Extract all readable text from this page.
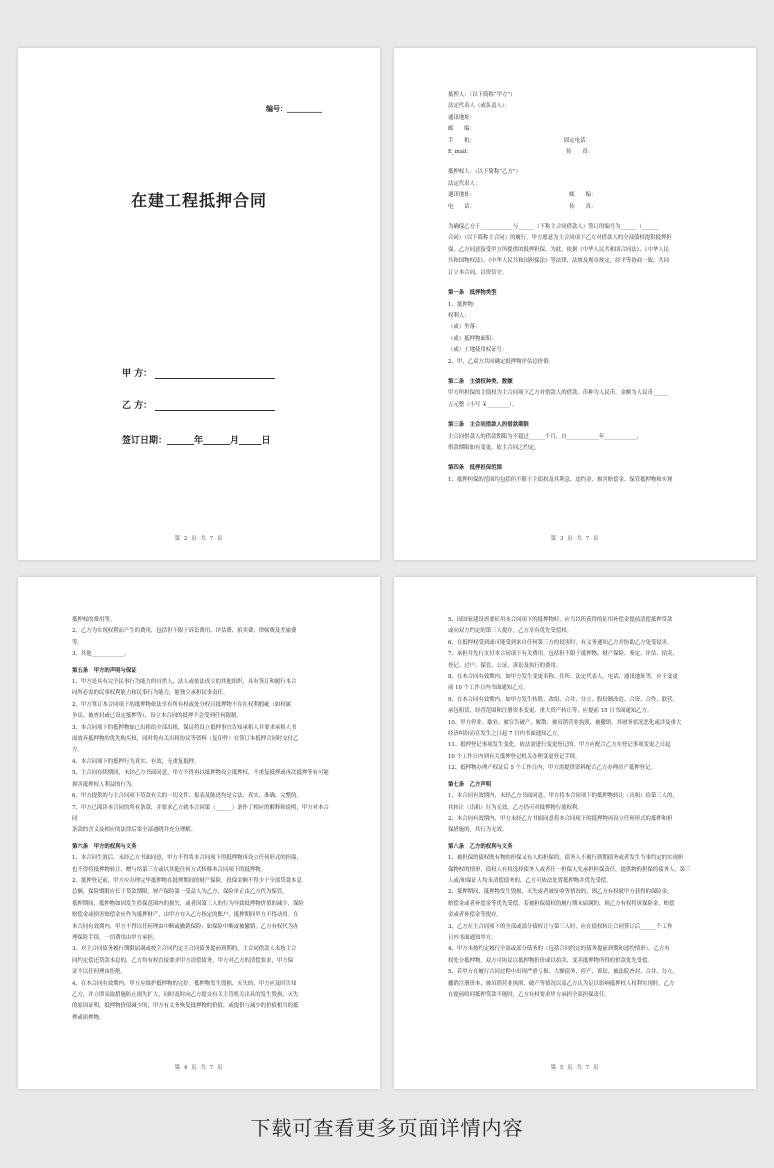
编号：__________
在建工程抵押合同
甲 方：
乙 方：
签订日期：______年______月_____日
第 2 页 共 7 页

抵押人：（以下简称“甲方”）

法定代表人（或负责人）：

通讯地址：

邮　　编：

手　　机：　　　　　　　　　　　　　　　　　固定电话：

E_mail：　　　　　　　　　　　　　　　　　　传　　真：

抵押权人：（以下简称“乙方”）

法定代表人：

通讯地址：　　　　　　　　　　　　　　　　　　邮　　编：

电　　话：　　　　　　　　　　　　　　　　　　传　　真：

为确保乙方于____________与______（下称主合同借款人）签订的编号为______（______

合同）（以下简称主合同）的履行，甲方愿意为主合同项下乙方对借款人的全部债权提供抵押担

保，乙方同意接受甲方所提供的抵押担保。为此，依据《中华人民共和国合同法》、《中华人民

共和国物权法》、《中华人民共和国担保法》等法律、法规及规章规定，经平等协商一致，共同

订立本合同，以资信守。

第一条　抵押物类型

1、抵押物：

权利人：

（或）坐落：

（或）抵押物面积：

（或）土地使用权证号：

2、甲、乙双方共同确定抵押物评估总价值：

第二条　主债权种类、数额

甲方所担保的主债权为主合同项下乙方对借款人的借款，币种为人民币，金额为人民币______

万元整（小写 ￥________）。

第三条　主合同借款人的借款期限

主合同借款人的借款期限为不超过______个月，自____________年____________，

借款期限如有变更，依主合同之约定。

第四条　抵押担保范围

1、抵押担保的范围均包括但不限于主债权及其利息、违约金、损害赔偿金、保管抵押物和实现

第 3 页 共 7 页

抵押权的费用等。

2、乙方为实现权利而产生的费用，包括但不限于诉讼费用、评估费、拍卖费、律师费及差旅费

等。

3、其他____________。

第五条　甲方的声明与保证

1、甲方是具有完全民事行为能力的自然人、法人或依法成立的其他组织，具有签订和履行本合

同所必需的民事权利能力和民事行为能力，能独立承担民事责任。

2、甲方签订本合同项下的抵押物依法享有所有权或处分权且抵押物不存在权利瑕疵（如权属

争议、被查封或已设定抵押等），设立本合同的抵押不会受到任何限制。

3、本合同项下的抵押物如已出租给全部出租，保证将设立抵押事宜告知承租人并要求承租人书

面放弃抵押物的优先购买权，同时将有关出租协议等资料（复印件）在签订本抵押合同时交付乙

方。

4、本合同项下的抵押行为真实、有效，无重复抵押。

5、主合同存续期间，未经乙方书面同意，甲方不得再以抵押物设立抵押权，不重复抵押或再次抵押等有可能

损害抵押权人利益的行为。

6、甲方提供的与主合同项下贷款有关的一切文件、报表及陈述均是合法、真实、准确、完整的。

7、甲方已阅读本合同的所有条款，并要求乙方就本合同第（______）条作了相应的解释和说明，甲方对本合同

条款的含义及相应的法律后果全部通晓并充分理解。

第六条　甲方的权利与义务

1、本合同生效后，未经乙方书面同意，甲方不得将本合同项下的抵押物再设立任何形式的担保，

也不得将抵押物转让、赠与给第三方或以其他任何方式转移本合同项下的抵押物。

2、抵押登记前，甲方应办理完毕抵押物在抵押期间的财产保险，投保金额不得少于全部贷款本息

总额，保险期限应长于贷款期限，财产保险第一受益人为乙方，保险单正由乙方代为保管。

抵押期间，抵押物如因发生投保范围内的损失，或者因第三人的行为导致抵押物价值的减少，保险

赔偿金或损害赔偿金应作为抵押财产，由甲方存入乙方指定的账户，抵押期间甲方不得动用。在

本合同有效期内，甲方不得以任何理由中断或撤销保险；如保险中断或被撤销，乙方有权代为办

理保险手续，一切费用由甲方承担。

3、对主合同债务履行期限届满或按主合同约定主合同债务提前到期的，主合同借款人未按主合

同约定偿还贷款本息的，乙方均有权直接要求甲方清偿债务，甲方对乙方的清偿要求，甲方保

证不以任何理由拒绝。

4、在本合同有效期内，甲方应维护抵押物的完好。抵押物发生毁损、灭失的，甲方应及时告知

乙方，并立即采取措施防止损失扩大，同时及时向乙方提交有关主管机关出具的发生毁损、灭失

的原因证明。抵押物价值减少的，甲方有义务恢复抵押物的价值，或提供与减少的价值相当的抵

押或质押物。

第 4 页 共 7 页

5、因国家建设需要征用本合同项下的抵押物时，应当以所获得的征用补偿金提前清偿抵押贷款

或向双方约定的第三人提存。乙方享有优先受偿权。

6、在抵押权受到或可能受到来自任何第三方的侵害时，有义务通知乙方并协助乙方免受侵害。

7、承担并先行支付本合同项下有关费用，包括但不限于抵押物、财产保险、鉴定、评估、拍卖、

登记、过户、保管、公证、诉讼及执行的费用。

8、在本合同有效期内，如甲方发生变更名称、住所、法定代表人、电话、通讯地址等，应于变更

前 10 个工作日内书面通知乙方。

9、在本合同有效期内，如甲方发生转股、改组、合并、分立、股份制改造、合资、合作、联营、

承包租赁、经营范围和注册资本变更、重大资产转让等，应提前 15 日书面通知乙方。

10、甲方停业、歇业、被宣告破产、解散、被吊销营业执照、被撤销，其财务状况恶化或涉及重大

经济纠纷而在发生之日起 7 日内书面通知乙方。

11、抵押登记事项发生变化，依法需进行变更登记的，甲方应配合乙方在登记事项变更之日起

10 个工作日内到有关抵押登记机关办理变更登记手续。

12、抵押物办理产权证后 5 个工作日内，甲方需提供资料配合乙方办理房产抵押登记。

第七条　乙方声明

1、本合同有效期内，未经乙方书面同意，甲方将本合同项下的抵押物转让（出租）给第三人的，

其转让（出租）行为无效，乙方仍可对抵押物行使权利。

2、本合同有效期内，甲方未经乙方书面同意将本合同项下的抵押物再设立任何形式的抵押和担

保措施的，其行为无效。

第八条　乙方的权利与义务

1、被担保的债权既有物的担保又有人的担保的，债务人不履行到期债务或者发生当事约定的实现担

保物权的情形，债权人有权选择债务人或者任一担保人先承担担保责任，提供物的担保的债务人、第三

人或/和保证人均未清偿债务的，乙方可依法处置抵押物并优先受偿。

2、抵押期间，抵押物发生毁损、灭失或者被征收等情况的，则乙方有权就甲方获得的保险金、

赔偿金或者补偿金等优先受偿。若被担保债权的履行期未届满的，则乙方有权将该保险金、赔偿

金或者补偿金等提存。

3、乙方在主合同项下的全部或部分债权让与第三人时，应在债权转让合同签订后______个工作

日内书面通知甲方。

4、甲方未按约定履行全部或部分债务的（包括合同约定的债务提前到期和违约情形），乙方有

权处分抵押物，双方可协议以抵押物折价或以拍卖、变卖抵押物所得的价款优先受偿。

5、若甲方在履行合同过程中出现严重亏损、大额债务、停产、诉讼、被法院查封、合并、分立、

撤销注册资本、被吊销营业执照、破产等情况以及乙方认为足以影响抵押权人权利实现时，乙方

在提前收回抵押贷款不能时，乙方有权要求甲方承担全部担保责任。

第 5 页 共 7 页
下载可查看更多页面详情内容
